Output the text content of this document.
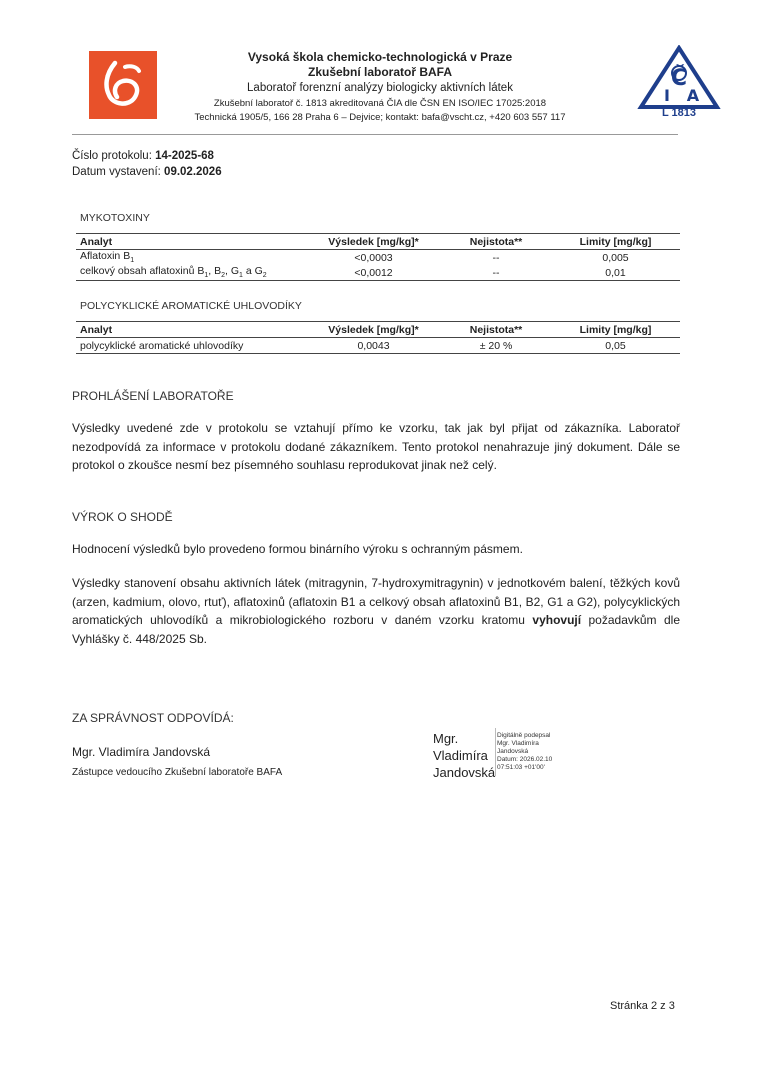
Vysoká škola chemicko-technologická v Praze
Zkušební laboratoř BAFA
Laboratoř forenzní analýzy biologicky aktivních látek
Zkušební laboratoř č. 1813 akreditovaná ČIA dle ČSN EN ISO/IEC 17025:2018
Technická 1905/5, 166 28 Praha 6 – Dejvice; kontakt: bafa@vscht.cz, +420 603 557 117
Č
I A
L 1813
Číslo protokolu: 14-2025-68
Datum vystavení: 09.02.2026
MYKOTOXINY
Analyt	Výsledek [mg/kg]*	Nejistota**	Limity [mg/kg]
Aflatoxin $B_1$	<0,0003	--	0,005
celkový obsah aflatoxinů $B_1$, $B_2$, $G_1$ a $G_2$	<0,0012	--	0,01
POLYCYKLICKÉ AROMATICKÉ UHLOVODÍKY
Analyt	Výsledek [mg/kg]*	Nejistota**	Limity [mg/kg]
polycyklické aromatické uhlovodíky	0,0043	± 20 %	0,05
PROHLÁŠENÍ LABORATOŘE
Výsledky uvedené zde v protokolu se vztahují přímo ke vzorku, tak jak byl přijat od zákazníka. Laboratoř nezodpovídá za informace v protokolu dodané zákazníkem. Tento protokol nenahrazuje jiný dokument. Dále se protokol o zkoušce nesmí bez písemného souhlasu reprodukovat jinak než celý.
VÝROK O SHODĚ
Hodnocení výsledků bylo provedeno formou binárního výroku s ochranným pásmem.
Výsledky stanovení obsahu aktivních látek (mitragynin, 7-hydroxymitragynin) v jednotkovém balení, těžkých kovů (arzen, kadmium, olovo, rtuť), aflatoxinů (aflatoxin B1 a celkový obsah aflatoxinů B1, B2, G1 a G2), polycyklických aromatických uhlovodíků a mikrobiologického rozboru v daném vzorku kratomu vyhovují požadavkům dle Vyhlášky č. 448/2025 Sb.
ZA SPRÁVNOST ODPOVÍDÁ:
Mgr. Vladimíra Jandovská
Zástupce vedoucího Zkušební laboratoře BAFA
Mgr.
Vladimíra
Jandovská
Digitálně podepsal
Mgr. Vladimíra
Jandovská
Datum: 2026.02.10
07:51:03 +01'00'
Stránka 2 z 3
